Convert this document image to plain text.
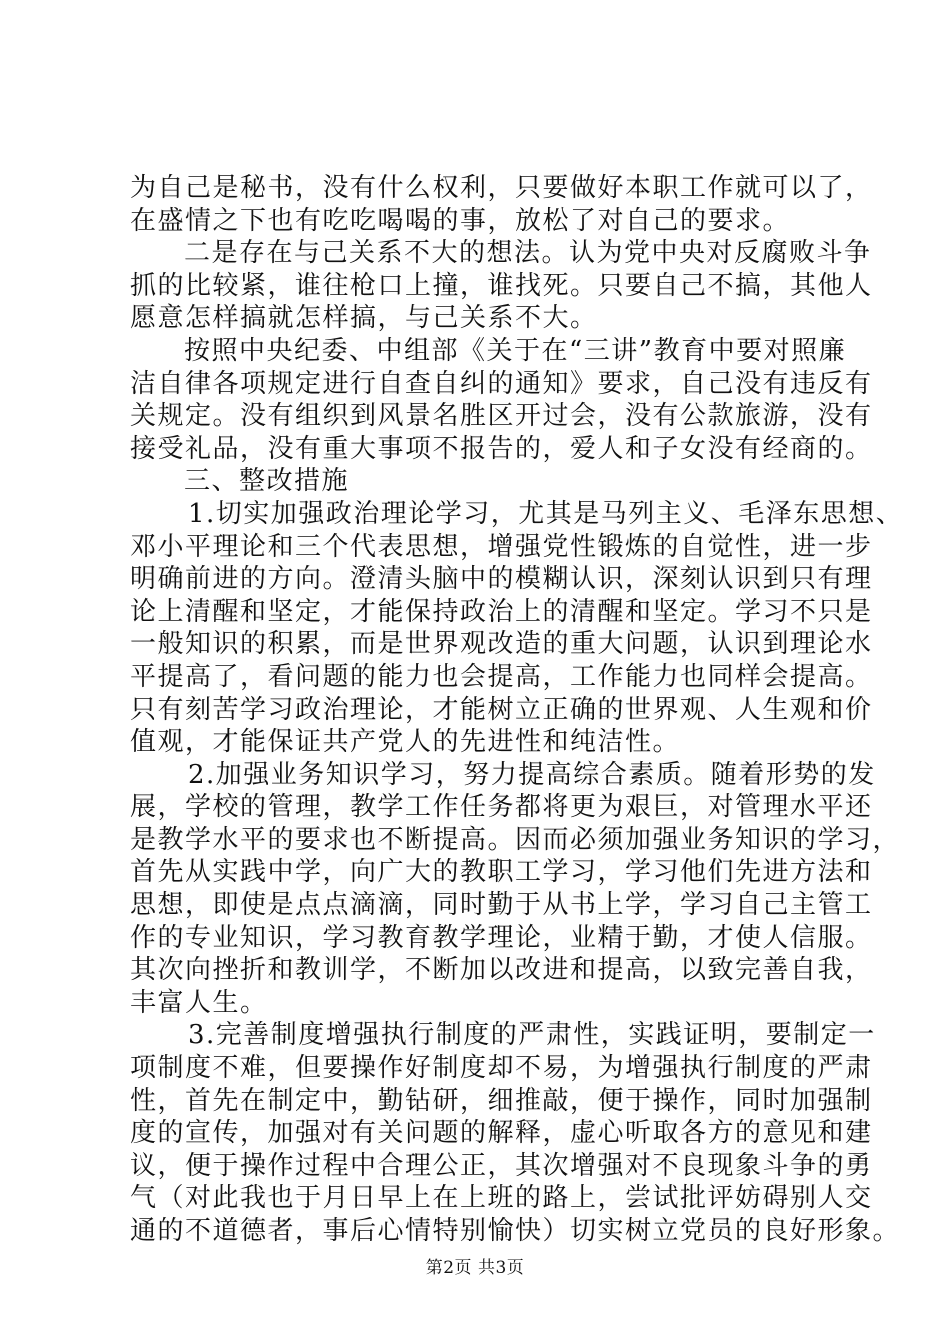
为自己是秘书，没有什么权利，只要做好本职工作就可以了，
在盛情之下也有吃吃喝喝的事，放松了对自己的要求。
二是存在与己关系不大的想法。认为党中央对反腐败斗争
抓的比较紧，谁往枪口上撞，谁找死。只要自己不搞，其他人
愿意怎样搞就怎样搞，与己关系不大。
按照中央纪委、中组部《关于在“三讲”教育中要对照廉
洁自律各项规定进行自查自纠的通知》要求，自己没有违反有
关规定。没有组织到风景名胜区开过会，没有公款旅游，没有
接受礼品，没有重大事项不报告的，爱人和子女没有经商的。
三、整改措施
1.切实加强政治理论学习，尤其是马列主义、毛泽东思想、
邓小平理论和三个代表思想，增强党性锻炼的自觉性，进一步
明确前进的方向。澄清头脑中的模糊认识，深刻认识到只有理
论上清醒和坚定，才能保持政治上的清醒和坚定。学习不只是
一般知识的积累，而是世界观改造的重大问题，认识到理论水
平提高了，看问题的能力也会提高，工作能力也同样会提高。
只有刻苦学习政治理论，才能树立正确的世界观、人生观和价
值观，才能保证共产党人的先进性和纯洁性。
2.加强业务知识学习，努力提高综合素质。随着形势的发
展，学校的管理，教学工作任务都将更为艰巨，对管理水平还
是教学水平的要求也不断提高。因而必须加强业务知识的学习，
首先从实践中学，向广大的教职工学习，学习他们先进方法和
思想，即使是点点滴滴，同时勤于从书上学，学习自己主管工
作的专业知识，学习教育教学理论，业精于勤，才使人信服。
其次向挫折和教训学，不断加以改进和提高，以致完善自我，
丰富人生。
3.完善制度增强执行制度的严肃性，实践证明，要制定一
项制度不难，但要操作好制度却不易，为增强执行制度的严肃
性，首先在制定中，勤钻研，细推敲，便于操作，同时加强制
度的宣传，加强对有关问题的解释，虚心听取各方的意见和建
议，便于操作过程中合理公正，其次增强对不良现象斗争的勇
气（对此我也于月日早上在上班的路上，尝试批评妨碍别人交
通的不道德者，事后心情特别愉快）切实树立党员的良好形象。
第2页 共3页
